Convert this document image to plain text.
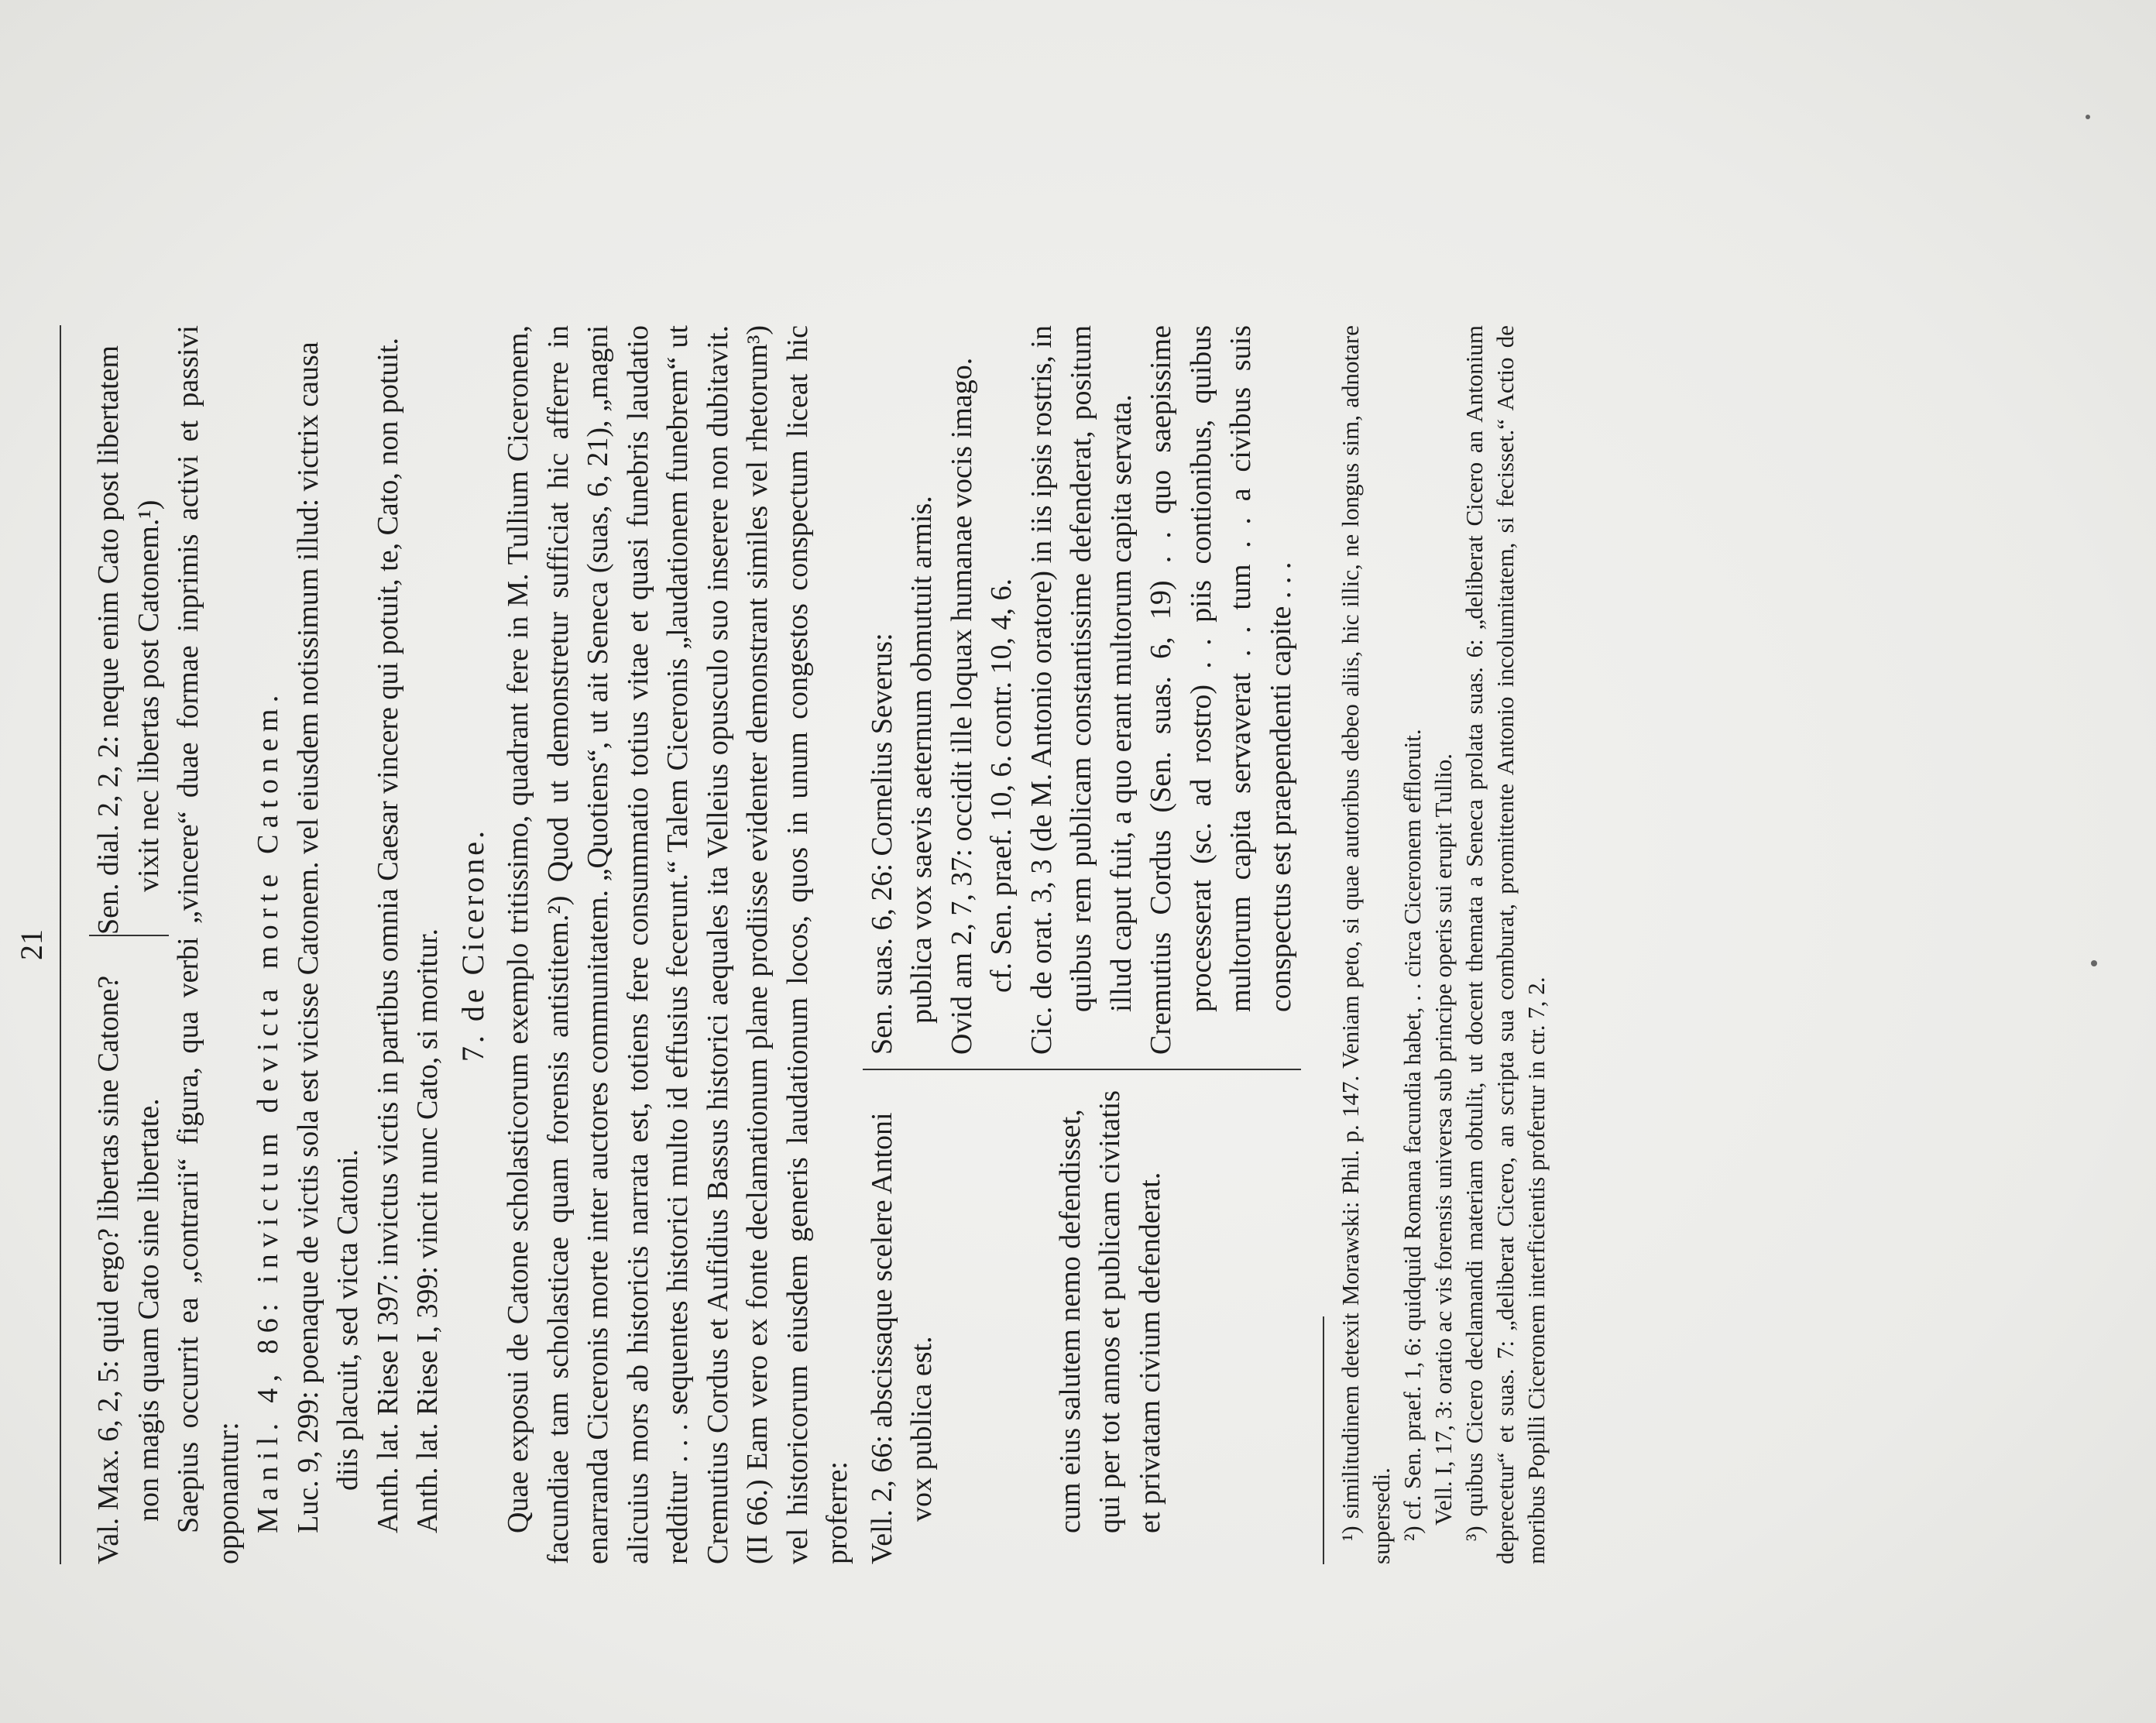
21
Val. Max. 6, 2, 5: quid ergo? libertas sine Catone? non magis quam Cato sine libertate.
Sen. dial. 2, 2, 2: neque enim Cato post libertatem vixit nec libertas post Catonem.¹) Saepius occurrit ea „contrarii“ figura, qua verbi „vincere“ duae formae inprimis activi et passivi opponantur: Manil. 4, 86: invictum devicta morte Catonem. Luc. 9, 299: poenaque de victis sola est vicisse Catonem. vel eiusdem notissimum illud: victrix causa diis placuit, sed victa Catoni. Anth. lat. Riese I 397: invictus victis in partibus omnia Caesar vincere qui potuit, te, Cato, non potuit. Anth. lat. Riese I, 399: vincit nunc Cato, si moritur. 7. de Cicerone. Quae exposui de Catone scholasticorum exemplo tritissimo, quadrant fere in M. Tullium Ciceronem, facundiae tam scholasticae quam forensis antistitem.²) Quod ut demonstretur sufficiat hic afferre in enarranda Ciceronis morte inter auctores communitatem. „Quotiens“, ut ait Seneca (suas, 6, 21), „magni alicuius mors ab historicis narrata est, totiens fere consummatio totius vitae et quasi funebris laudatio redditur . . . sequentes historici multo id effusius fecerunt.“ Talem Ciceronis „laudationem funebrem“ ut Cremutius Cordus et Aufidius Bassus historici aequales ita Velleius opusculo suo inserere non dubitavit. (II 66.) Eam vero ex fonte declamationum plane prodiisse evidenter demonstrant similes vel rhetorum³) vel historicorum eiusdem generis laudationum locos, quos in unum congestos conspectum liceat hic proferre: Vell. 2, 66: abscissaque scelere Antoni vox publica est.	cum eius salutem nemo defendisset, qui per tot annos et publicam civitatis et privatam civium defenderat.

Sen. suas. 6, 26: Cornelius Severus: publica vox saevis aeternum obmutuit armis. Ovid am 2, 7, 37: occidit ille loquax humanae vocis imago. cf. Sen. praef. 10, 6. contr. 10, 4, 6. Cic. de orat. 3, 3 (de M. Antonio oratore) in iis ipsis rostris, in quibus rem publicam constantissime defenderat, positum illud caput fuit, a quo erant multorum capita servata. Cremutius Cordus (Sen. suas. 6, 19) . . quo saepissime processerat (sc. ad rostro) . . piis contionibus, quibus multorum capita servaverat . . tum . . a civibus suis conspectus est praependenti capite . . . ¹) similitudinem detexit Morawski: Phil. p. 147. Veniam peto, si quae autoribus debeo aliis, hic illic, ne longus sim, adnotare supersedi. ²) cf. Sen. praef. 1, 6: quidquid Romana facundia habet, . . circa Ciceronem effloruit. Vell. I, 17, 3: oratio ac vis forensis universa sub principe operis sui erupit Tullio. ³) quibus Cicero declamandi materiam obtulit, ut docent themata a Seneca prolata suas. 6: „deliberat Cicero an Antonium deprecetur“ et suas. 7: „deliberat Cicero, an scripta sua comburat, promittente Antonio incolumitatem, si fecisset.“ Actio de moribus Popilli Ciceronem interficientis profertur in ctr. 7, 2.
